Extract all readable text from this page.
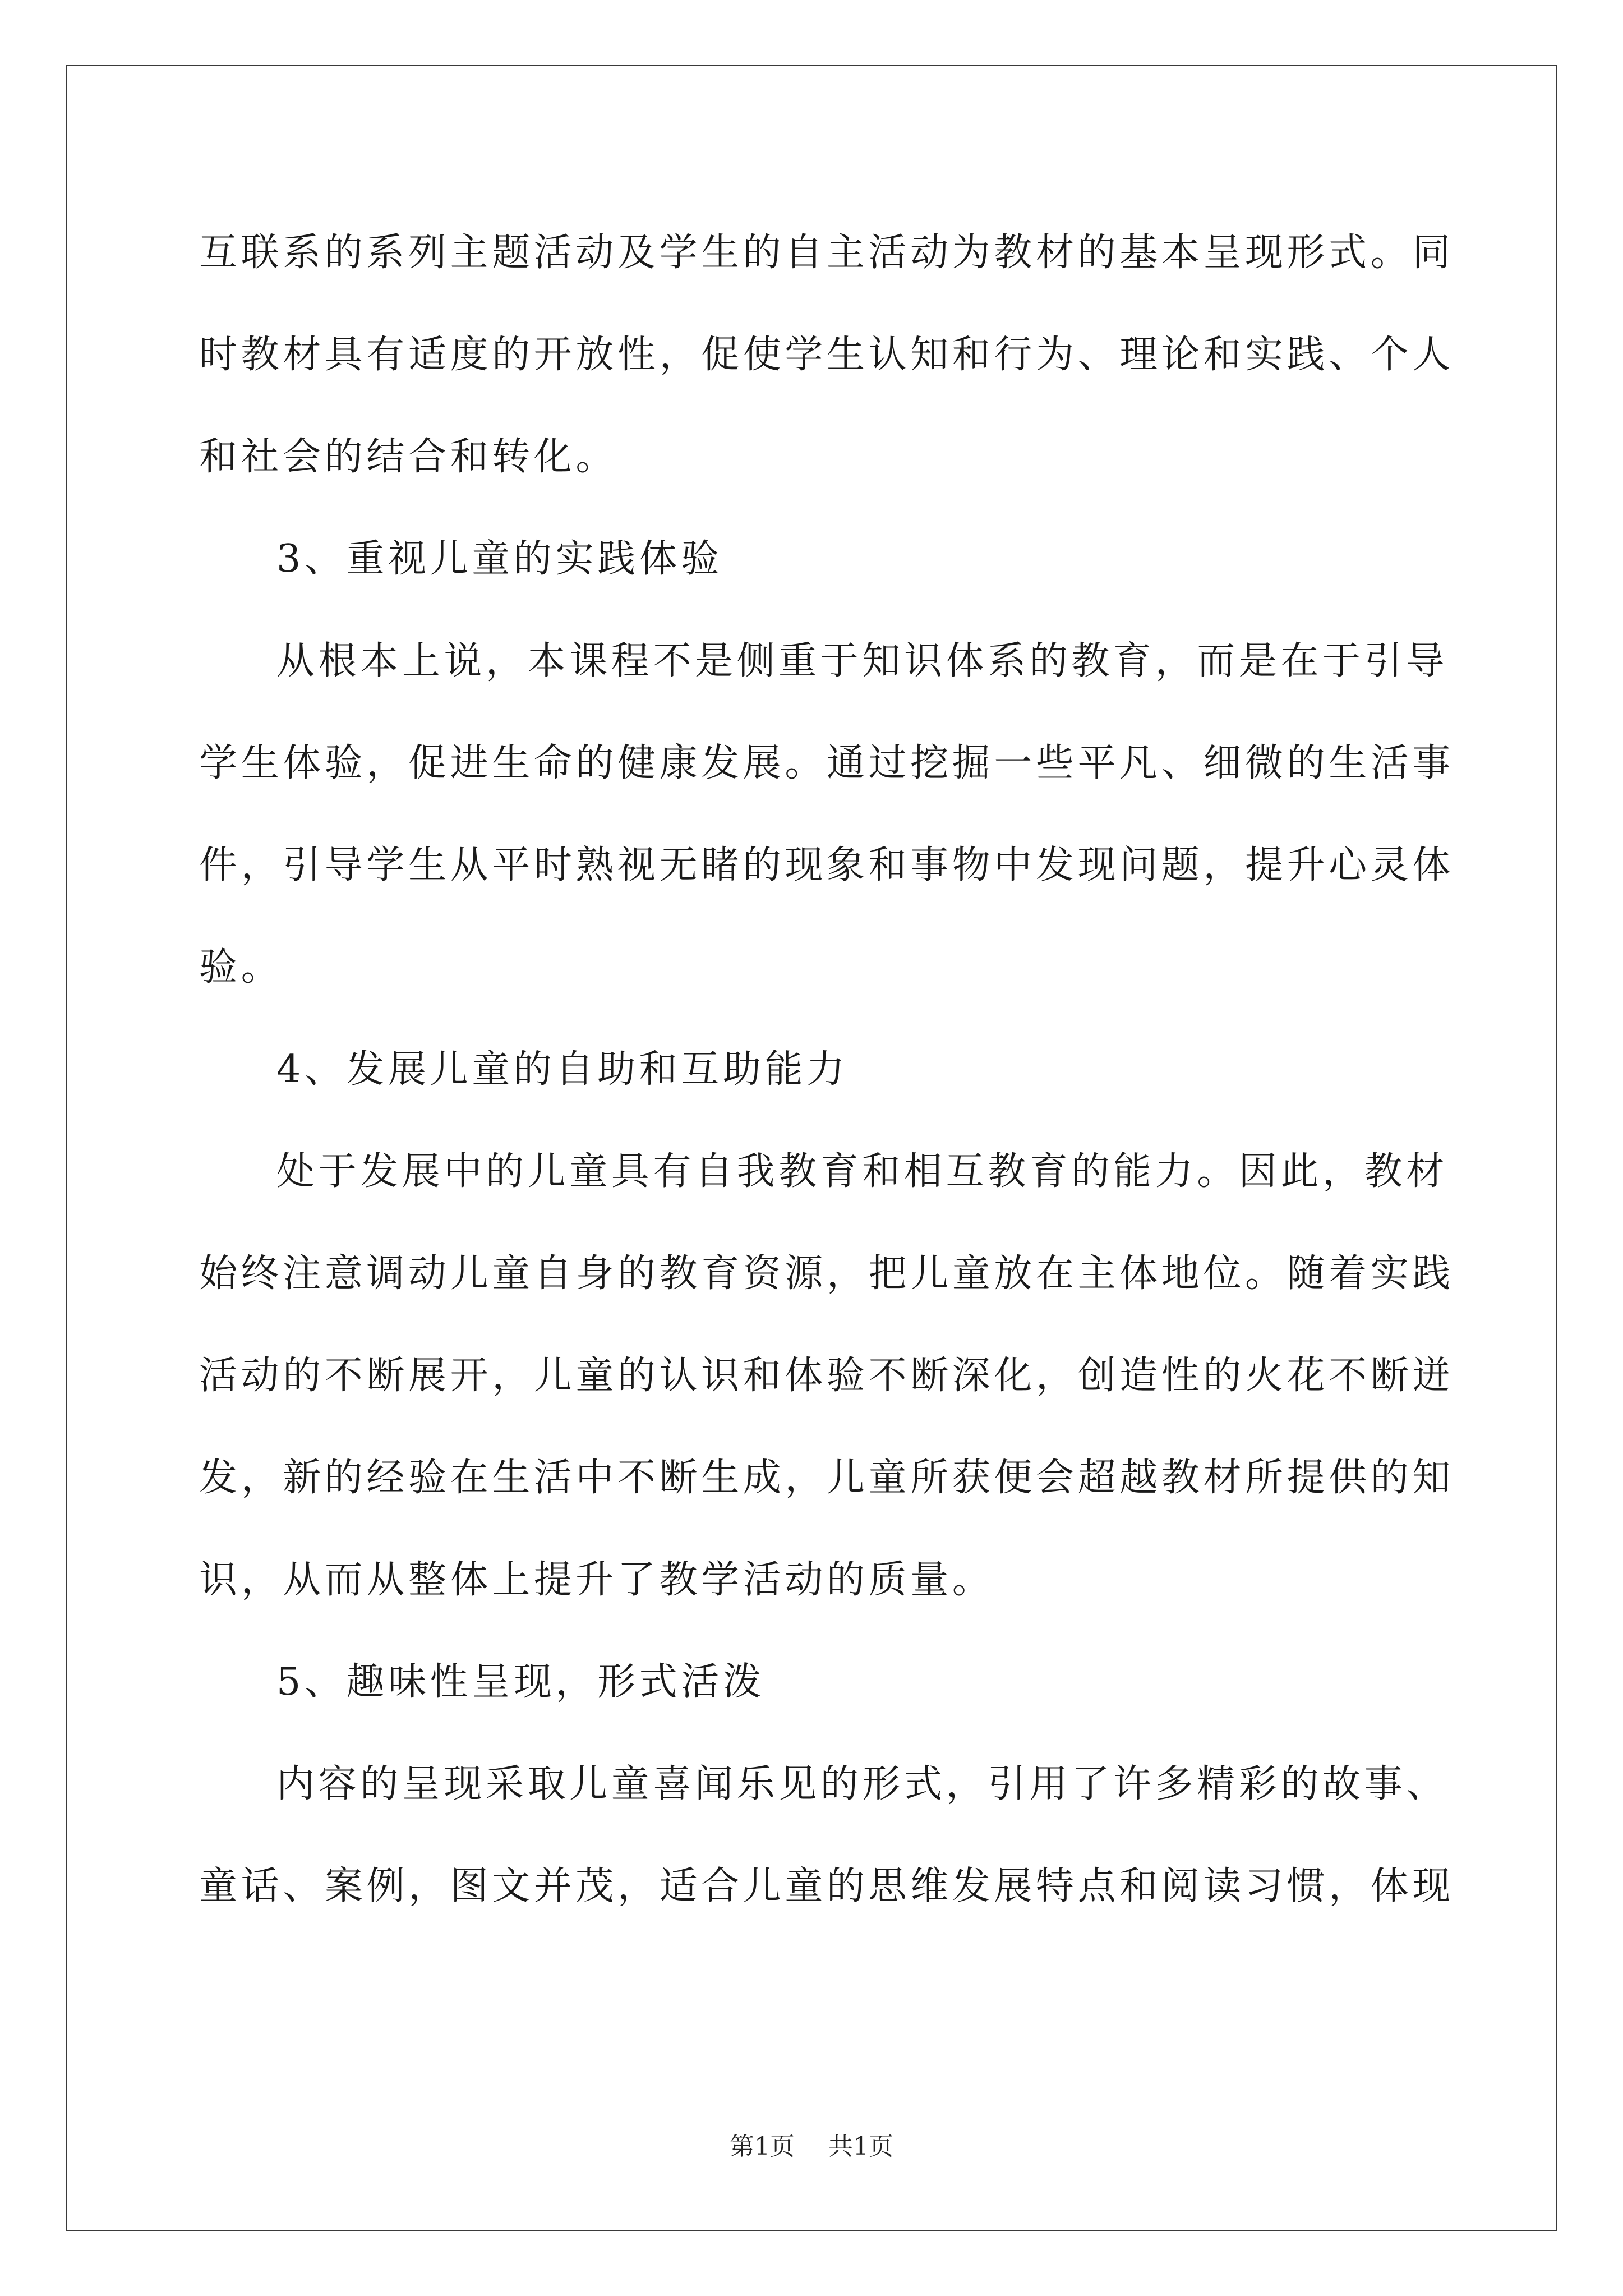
互联系的系列主题活动及学生的自主活动为教材的基本呈现形式。同
时教材具有适度的开放性，促使学生认知和行为、理论和实践、个人
和社会的结合和转化。
3、重视儿童的实践体验
从根本上说，本课程不是侧重于知识体系的教育，而是在于引导
学生体验，促进生命的健康发展。通过挖掘一些平凡、细微的生活事
件，引导学生从平时熟视无睹的现象和事物中发现问题，提升心灵体
验。
4、发展儿童的自助和互助能力
处于发展中的儿童具有自我教育和相互教育的能力。因此，教材
始终注意调动儿童自身的教育资源，把儿童放在主体地位。随着实践
活动的不断展开，儿童的认识和体验不断深化，创造性的火花不断迸
发，新的经验在生活中不断生成，儿童所获便会超越教材所提供的知
识，从而从整体上提升了教学活动的质量。
5、趣味性呈现，形式活泼
内容的呈现采取儿童喜闻乐见的形式，引用了许多精彩的故事、
童话、案例，图文并茂，适合儿童的思维发展特点和阅读习惯，体现
第1页 共1页
